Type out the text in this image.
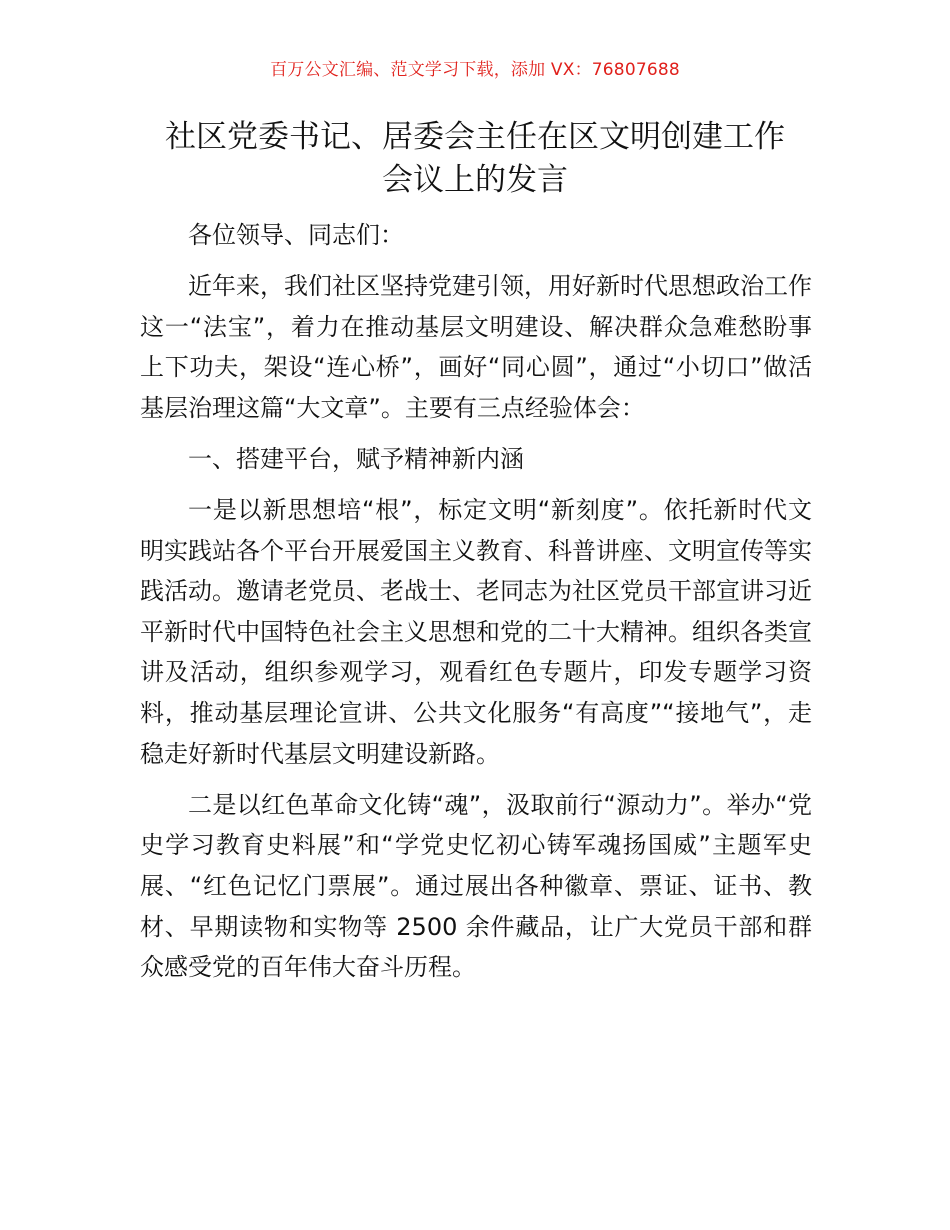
百万公文汇编、范文学习下载，添加 VX：76807688
社区党委书记、居委会主任在区文明创建工作
会议上的发言

各位领导、同志们：

近年来，我们社区坚持党建引领，用好新时代思想政治工作这一“法宝”，着力在推动基层文明建设、解决群众急难愁盼事上下功夫，架设“连心桥”，画好“同心圆”，通过“小切口”做活基层治理这篇“大文章”。主要有三点经验体会：

一、搭建平台，赋予精神新内涵

一是以新思想培“根”，标定文明“新刻度”。依托新时代文明实践站各个平台开展爱国主义教育、科普讲座、文明宣传等实践活动。邀请老党员、老战士、老同志为社区党员干部宣讲习近平新时代中国特色社会主义思想和党的二十大精神。组织各类宣讲及活动，组织参观学习，观看红色专题片，印发专题学习资料，推动基层理论宣讲、公共文化服务“有高度”“接地气”，走稳走好新时代基层文明建设新路。

二是以红色革命文化铸“魂”，汲取前行“源动力”。举办“党史学习教育史料展”和“学党史忆初心铸军魂扬国威”主题军史展、“红色记忆门票展”。通过展出各种徽章、票证、证书、教材、早期读物和实物等 2500 余件藏品，让广大党员干部和群众感受党的百年伟大奋斗历程。
